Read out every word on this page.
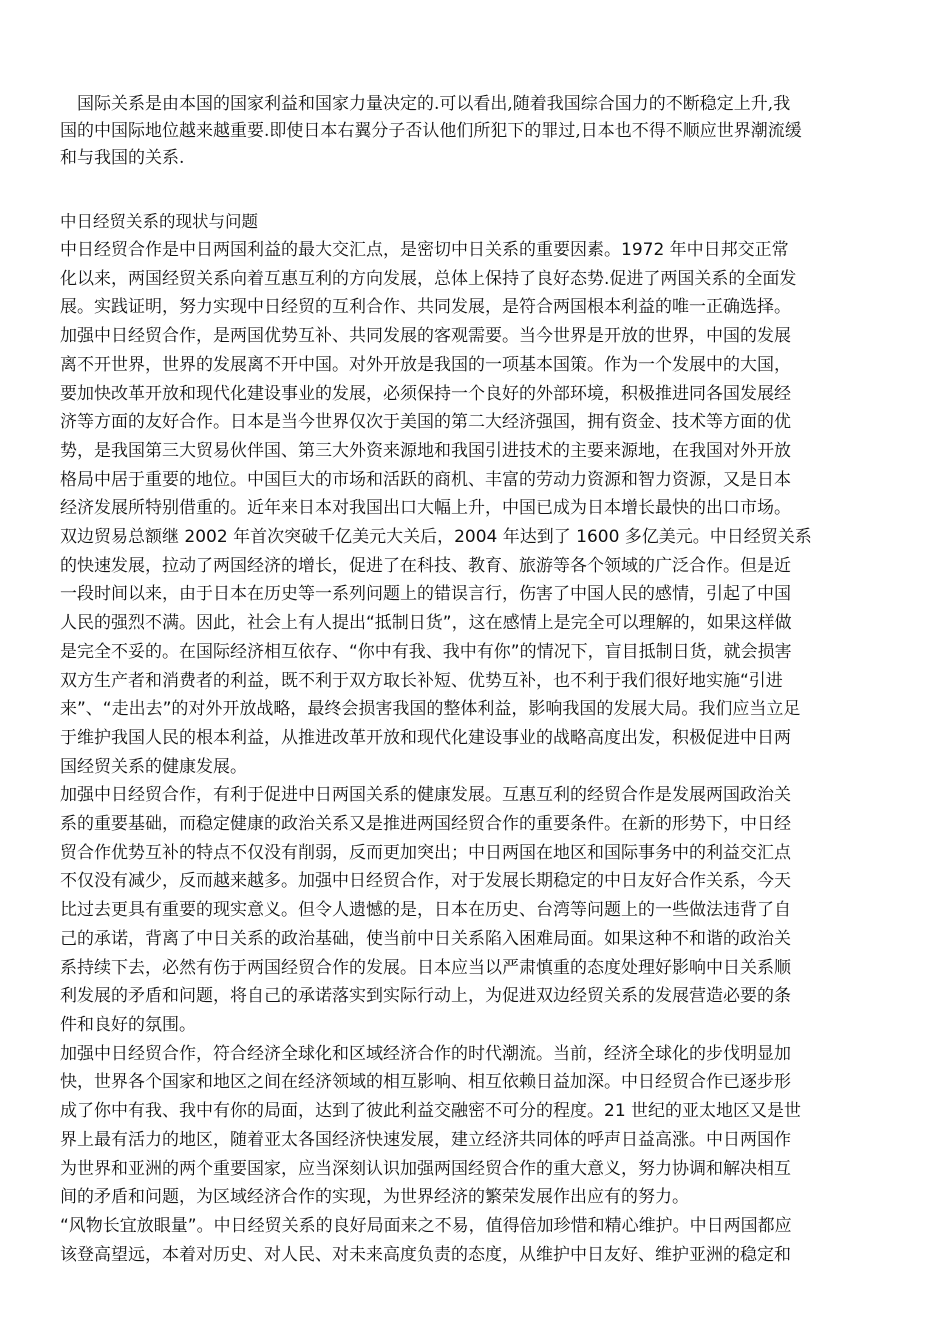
　国际关系是由本国的国家利益和国家力量决定的.可以看出,随着我国综合国力的不断稳定上升,我
国的中国际地位越来越重要.即使日本右翼分子否认他们所犯下的罪过,日本也不得不顺应世界潮流缓
和与我国的关系.
中日经贸关系的现状与问题
中日经贸合作是中日两国利益的最大交汇点，是密切中日关系的重要因素。1972 年中日邦交正常
化以来，两国经贸关系向着互惠互利的方向发展，总体上保持了良好态势.促进了两国关系的全面发
展。实践证明，努力实现中日经贸的互利合作、共同发展，是符合两国根本利益的唯一正确选择。
加强中日经贸合作，是两国优势互补、共同发展的客观需要。当今世界是开放的世界，中国的发展
离不开世界，世界的发展离不开中国。对外开放是我国的一项基本国策。作为一个发展中的大国，
要加快改革开放和现代化建设事业的发展，必须保持一个良好的外部环境，积极推进同各国发展经
济等方面的友好合作。日本是当今世界仅次于美国的第二大经济强国，拥有资金、技术等方面的优
势，是我国第三大贸易伙伴国、第三大外资来源地和我国引进技术的主要来源地，在我国对外开放
格局中居于重要的地位。中国巨大的市场和活跃的商机、丰富的劳动力资源和智力资源，又是日本
经济发展所特别借重的。近年来日本对我国出口大幅上升，中国已成为日本增长最快的出口市场。
双边贸易总额继 2002 年首次突破千亿美元大关后，2004 年达到了 1600 多亿美元。中日经贸关系
的快速发展，拉动了两国经济的增长，促进了在科技、教育、旅游等各个领域的广泛合作。但是近
一段时间以来，由于日本在历史等一系列问题上的错误言行，伤害了中国人民的感情，引起了中国
人民的强烈不满。因此，社会上有人提出“抵制日货”，这在感情上是完全可以理解的，如果这样做
是完全不妥的。在国际经济相互依存、“你中有我、我中有你”的情况下，盲目抵制日货，就会损害
双方生产者和消费者的利益，既不利于双方取长补短、优势互补，也不利于我们很好地实施“引进
来”、“走出去”的对外开放战略，最终会损害我国的整体利益，影响我国的发展大局。我们应当立足
于维护我国人民的根本利益，从推进改革开放和现代化建设事业的战略高度出发，积极促进中日两
国经贸关系的健康发展。
加强中日经贸合作，有利于促进中日两国关系的健康发展。互惠互利的经贸合作是发展两国政治关
系的重要基础，而稳定健康的政治关系又是推进两国经贸合作的重要条件。在新的形势下，中日经
贸合作优势互补的特点不仅没有削弱，反而更加突出；中日两国在地区和国际事务中的利益交汇点
不仅没有减少，反而越来越多。加强中日经贸合作，对于发展长期稳定的中日友好合作关系，今天
比过去更具有重要的现实意义。但令人遗憾的是，日本在历史、台湾等问题上的一些做法违背了自
己的承诺，背离了中日关系的政治基础，使当前中日关系陷入困难局面。如果这种不和谐的政治关
系持续下去，必然有伤于两国经贸合作的发展。日本应当以严肃慎重的态度处理好影响中日关系顺
利发展的矛盾和问题，将自己的承诺落实到实际行动上，为促进双边经贸关系的发展营造必要的条
件和良好的氛围。
加强中日经贸合作，符合经济全球化和区域经济合作的时代潮流。当前，经济全球化的步伐明显加
快，世界各个国家和地区之间在经济领域的相互影响、相互依赖日益加深。中日经贸合作已逐步形
成了你中有我、我中有你的局面，达到了彼此利益交融密不可分的程度。21 世纪的亚太地区又是世
界上最有活力的地区，随着亚太各国经济快速发展，建立经济共同体的呼声日益高涨。中日两国作
为世界和亚洲的两个重要国家，应当深刻认识加强两国经贸合作的重大意义，努力协调和解决相互
间的矛盾和问题，为区域经济合作的实现，为世界经济的繁荣发展作出应有的努力。
“风物长宜放眼量”。中日经贸关系的良好局面来之不易，值得倍加珍惜和精心维护。中日两国都应
该登高望远，本着对历史、对人民、对未来高度负责的态度，从维护中日友好、维护亚洲的稳定和
